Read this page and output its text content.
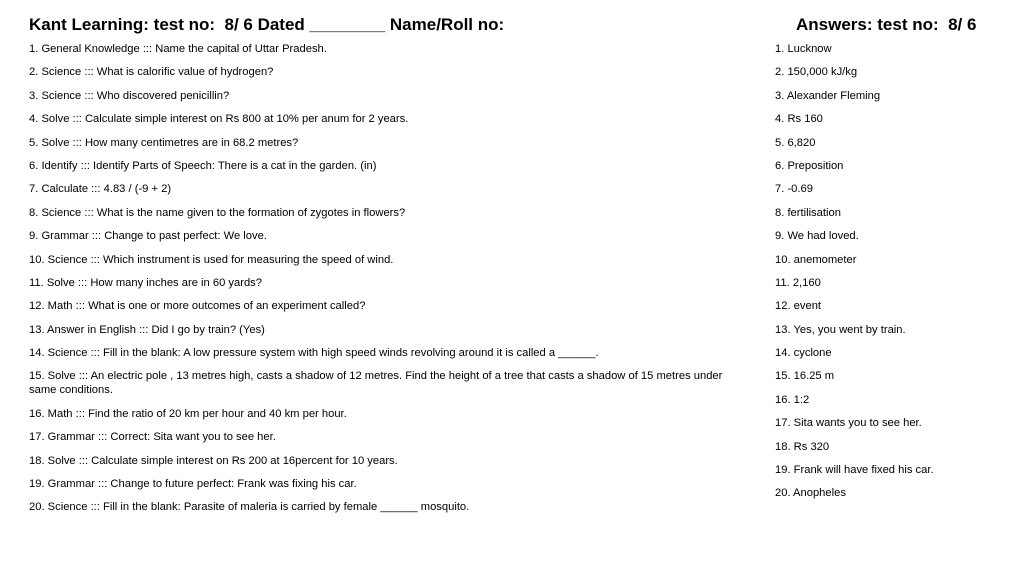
Kant Learning: test no:  8/ 6 Dated ________ Name/Roll no:	Answers: test no:  8/ 6
1. General Knowledge ::: Name the capital of Uttar Pradesh.
2. Science ::: What is calorific value of hydrogen?
3. Science ::: Who discovered penicillin?
4. Solve ::: Calculate simple interest on Rs 800 at 10% per anum for 2 years.
5. Solve ::: How many centimetres are in 68.2 metres?
6. Identify ::: Identify Parts of Speech: There is a cat in the garden. (in)
7. Calculate ::: 4.83 / (-9 + 2)
8. Science ::: What is the name given to the formation of zygotes in flowers?
9. Grammar ::: Change to past perfect: We love.
10. Science ::: Which instrument is used for measuring the speed of wind.
11. Solve ::: How many inches are in 60 yards?
12. Math ::: What is one or more outcomes of an experiment called?
13. Answer in English ::: Did I go by train? (Yes)
14. Science ::: Fill in the blank: A low pressure system with high speed winds revolving around it is called a ______.
15. Solve ::: An electric pole , 13 metres high, casts a shadow of 12 metres. Find the height of a tree that casts a shadow of 15 metres under same conditions.
16. Math ::: Find the ratio of 20 km per hour and 40 km per hour.
17. Grammar ::: Correct: Sita want you to see her.
18. Solve ::: Calculate simple interest on Rs 200 at 16percent for 10 years.
19. Grammar ::: Change to future perfect: Frank was fixing his car.
20. Science ::: Fill in the blank: Parasite of maleria is carried by female ______ mosquito.
1. Lucknow
2. 150,000 kJ/kg
3. Alexander Fleming
4. Rs 160
5. 6,820
6. Preposition
7. -0.69
8. fertilisation
9. We had loved.
10. anemometer
11. 2,160
12. event
13. Yes, you went by train.
14. cyclone
15. 16.25 m
16. 1:2
17. Sita wants you to see her.
18. Rs 320
19. Frank will have fixed his car.
20. Anopheles
